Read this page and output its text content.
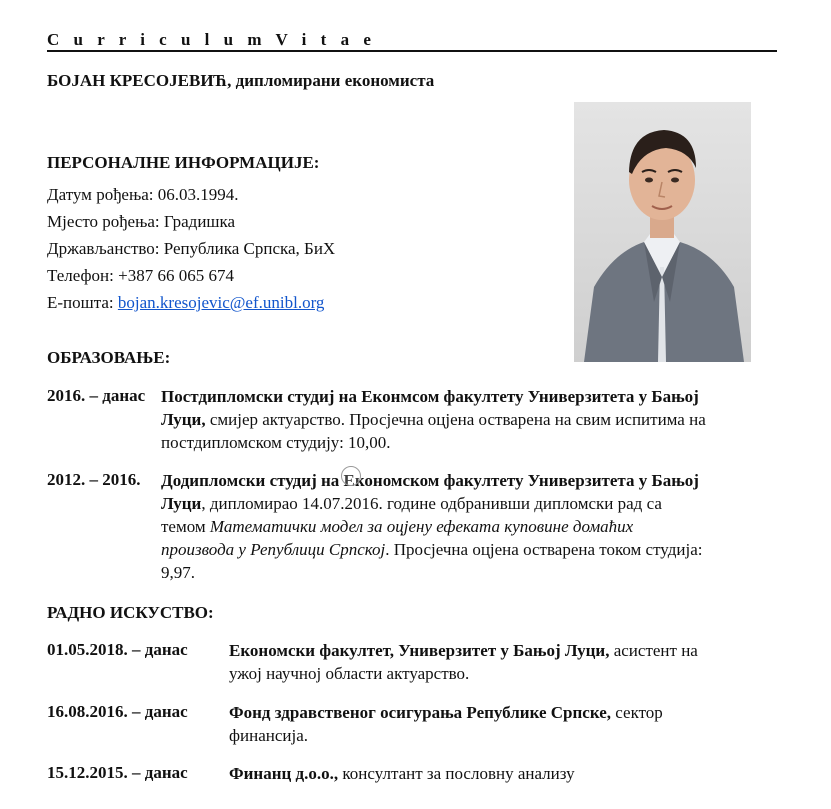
C u r r i c u l u m V i t a e
БОЈАН КРЕСОЈЕВИЋ, дипломирани економиста
ПЕРСОНАЛНЕ ИНФОРМАЦИЈЕ:
Датум рођења: 06.03.1994.
Мјесто рођења: Градишка
Држављанство: Република Српска, БиХ
Телефон: +387 66 065 674
Е-пошта: bojan.kresojevic@ef.unibl.org
ОБРАЗОВАЊЕ:
2016. – данас Постдипломски студиј на Еконмсом факултету Универзитета у Бањој
Луци, смијер актуарство. Просјечна оцјена остварена на свим испитима на
постдипломском студију: 10,00.
2012. – 2016. Додипломски студиј на Економском факултету Универзитета у Бањој
Луци, дипломирао 14.07.2016. године одбранивши дипломски рад са
темом Математички модел за оцјену ефеката куповине домаћих
производа у Републици Српској. Просјечна оцјена остварена током студија:
9,97.
РАДНО ИСКУСТВО:
01.05.2018. – данас Економски факултет, Универзитет у Бањој Луци, асистент на
ужој научној области актуарство.
16.08.2016. – данас Фонд здравственог осигурања Републике Српске, сектор
финансија.
15.12.2015. – данас Финанц д.о.о., консултант за пословну анализу
